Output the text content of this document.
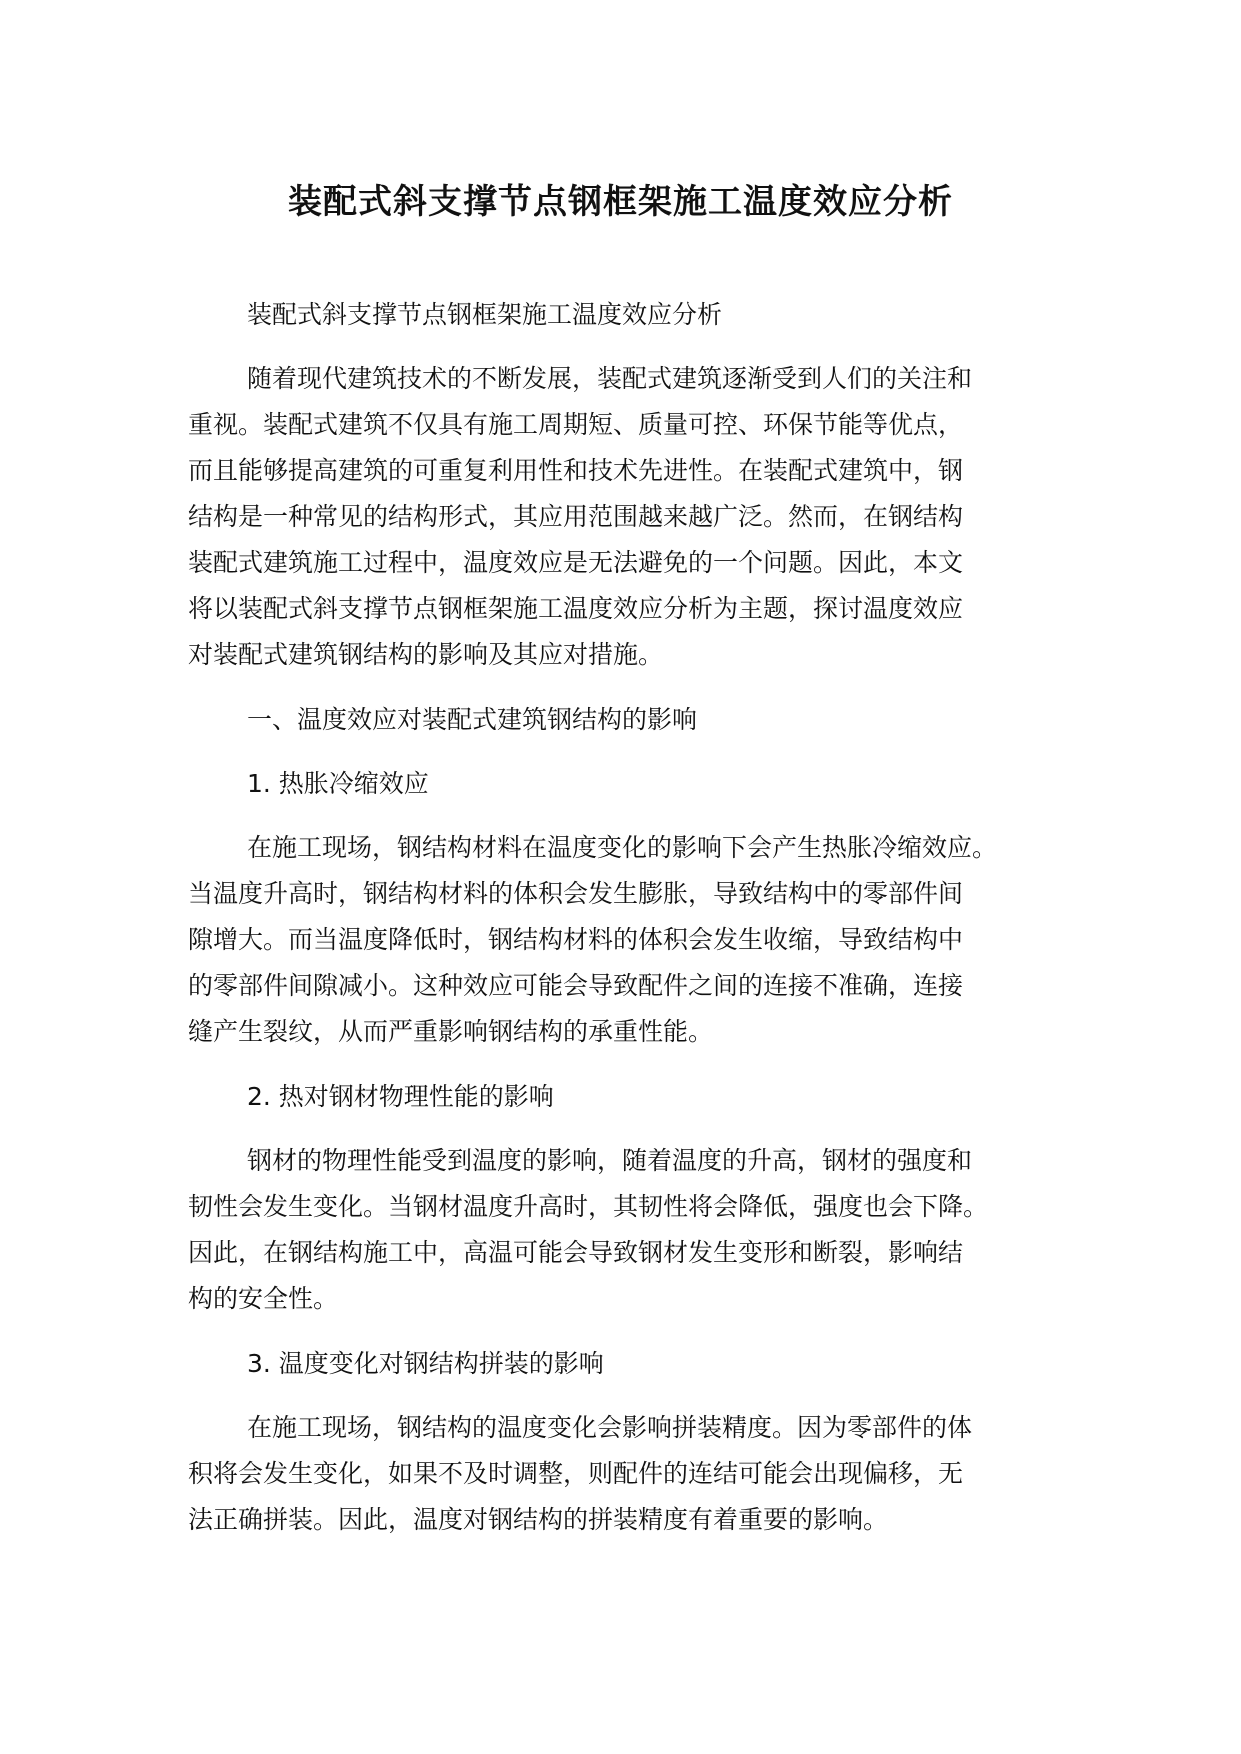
装配式斜支撑节点钢框架施工温度效应分析

装配式斜支撑节点钢框架施工温度效应分析

随着现代建筑技术的不断发展，装配式建筑逐渐受到人们的关注和

重视。装配式建筑不仅具有施工周期短、质量可控、环保节能等优点，

而且能够提高建筑的可重复利用性和技术先进性。在装配式建筑中，钢

结构是一种常见的结构形式，其应用范围越来越广泛。然而，在钢结构

装配式建筑施工过程中，温度效应是无法避免的一个问题。因此，本文

将以装配式斜支撑节点钢框架施工温度效应分析为主题，探讨温度效应

对装配式建筑钢结构的影响及其应对措施。

一、温度效应对装配式建筑钢结构的影响

1. 热胀冷缩效应

在施工现场，钢结构材料在温度变化的影响下会产生热胀冷缩效应。

当温度升高时，钢结构材料的体积会发生膨胀，导致结构中的零部件间

隙增大。而当温度降低时，钢结构材料的体积会发生收缩，导致结构中

的零部件间隙减小。这种效应可能会导致配件之间的连接不准确，连接

缝产生裂纹，从而严重影响钢结构的承重性能。

2. 热对钢材物理性能的影响

钢材的物理性能受到温度的影响，随着温度的升高，钢材的强度和

韧性会发生变化。当钢材温度升高时，其韧性将会降低，强度也会下降。

因此，在钢结构施工中，高温可能会导致钢材发生变形和断裂，影响结

构的安全性。

3. 温度变化对钢结构拼装的影响

在施工现场，钢结构的温度变化会影响拼装精度。因为零部件的体

积将会发生变化，如果不及时调整，则配件的连结可能会出现偏移，无

法正确拼装。因此，温度对钢结构的拼装精度有着重要的影响。
